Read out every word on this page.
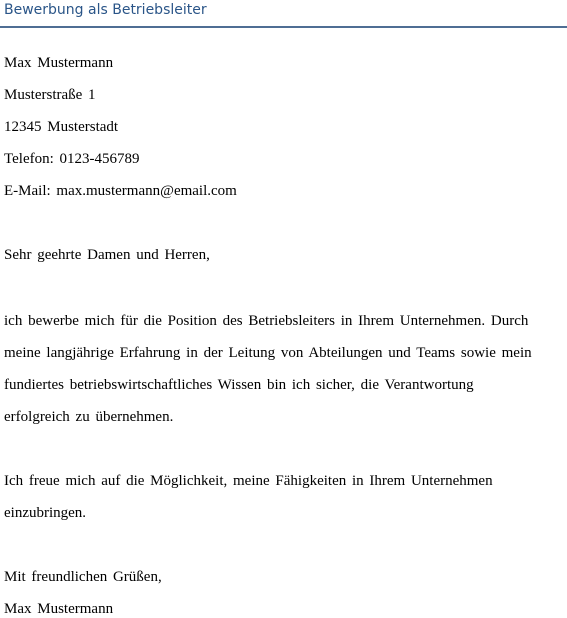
Bewerbung als Betriebsleiter
Max Mustermann
Musterstraße 1
12345 Musterstadt
Telefon: 0123-456789
E-Mail: max.mustermann@email.com
Sehr geehrte Damen und Herren,
ich bewerbe mich für die Position des Betriebsleiters in Ihrem Unternehmen. Durch
meine langjährige Erfahrung in der Leitung von Abteilungen und Teams sowie mein
fundiertes betriebswirtschaftliches Wissen bin ich sicher, die Verantwortung
erfolgreich zu übernehmen.
Ich freue mich auf die Möglichkeit, meine Fähigkeiten in Ihrem Unternehmen
einzubringen.
Mit freundlichen Grüßen,
Max Mustermann
